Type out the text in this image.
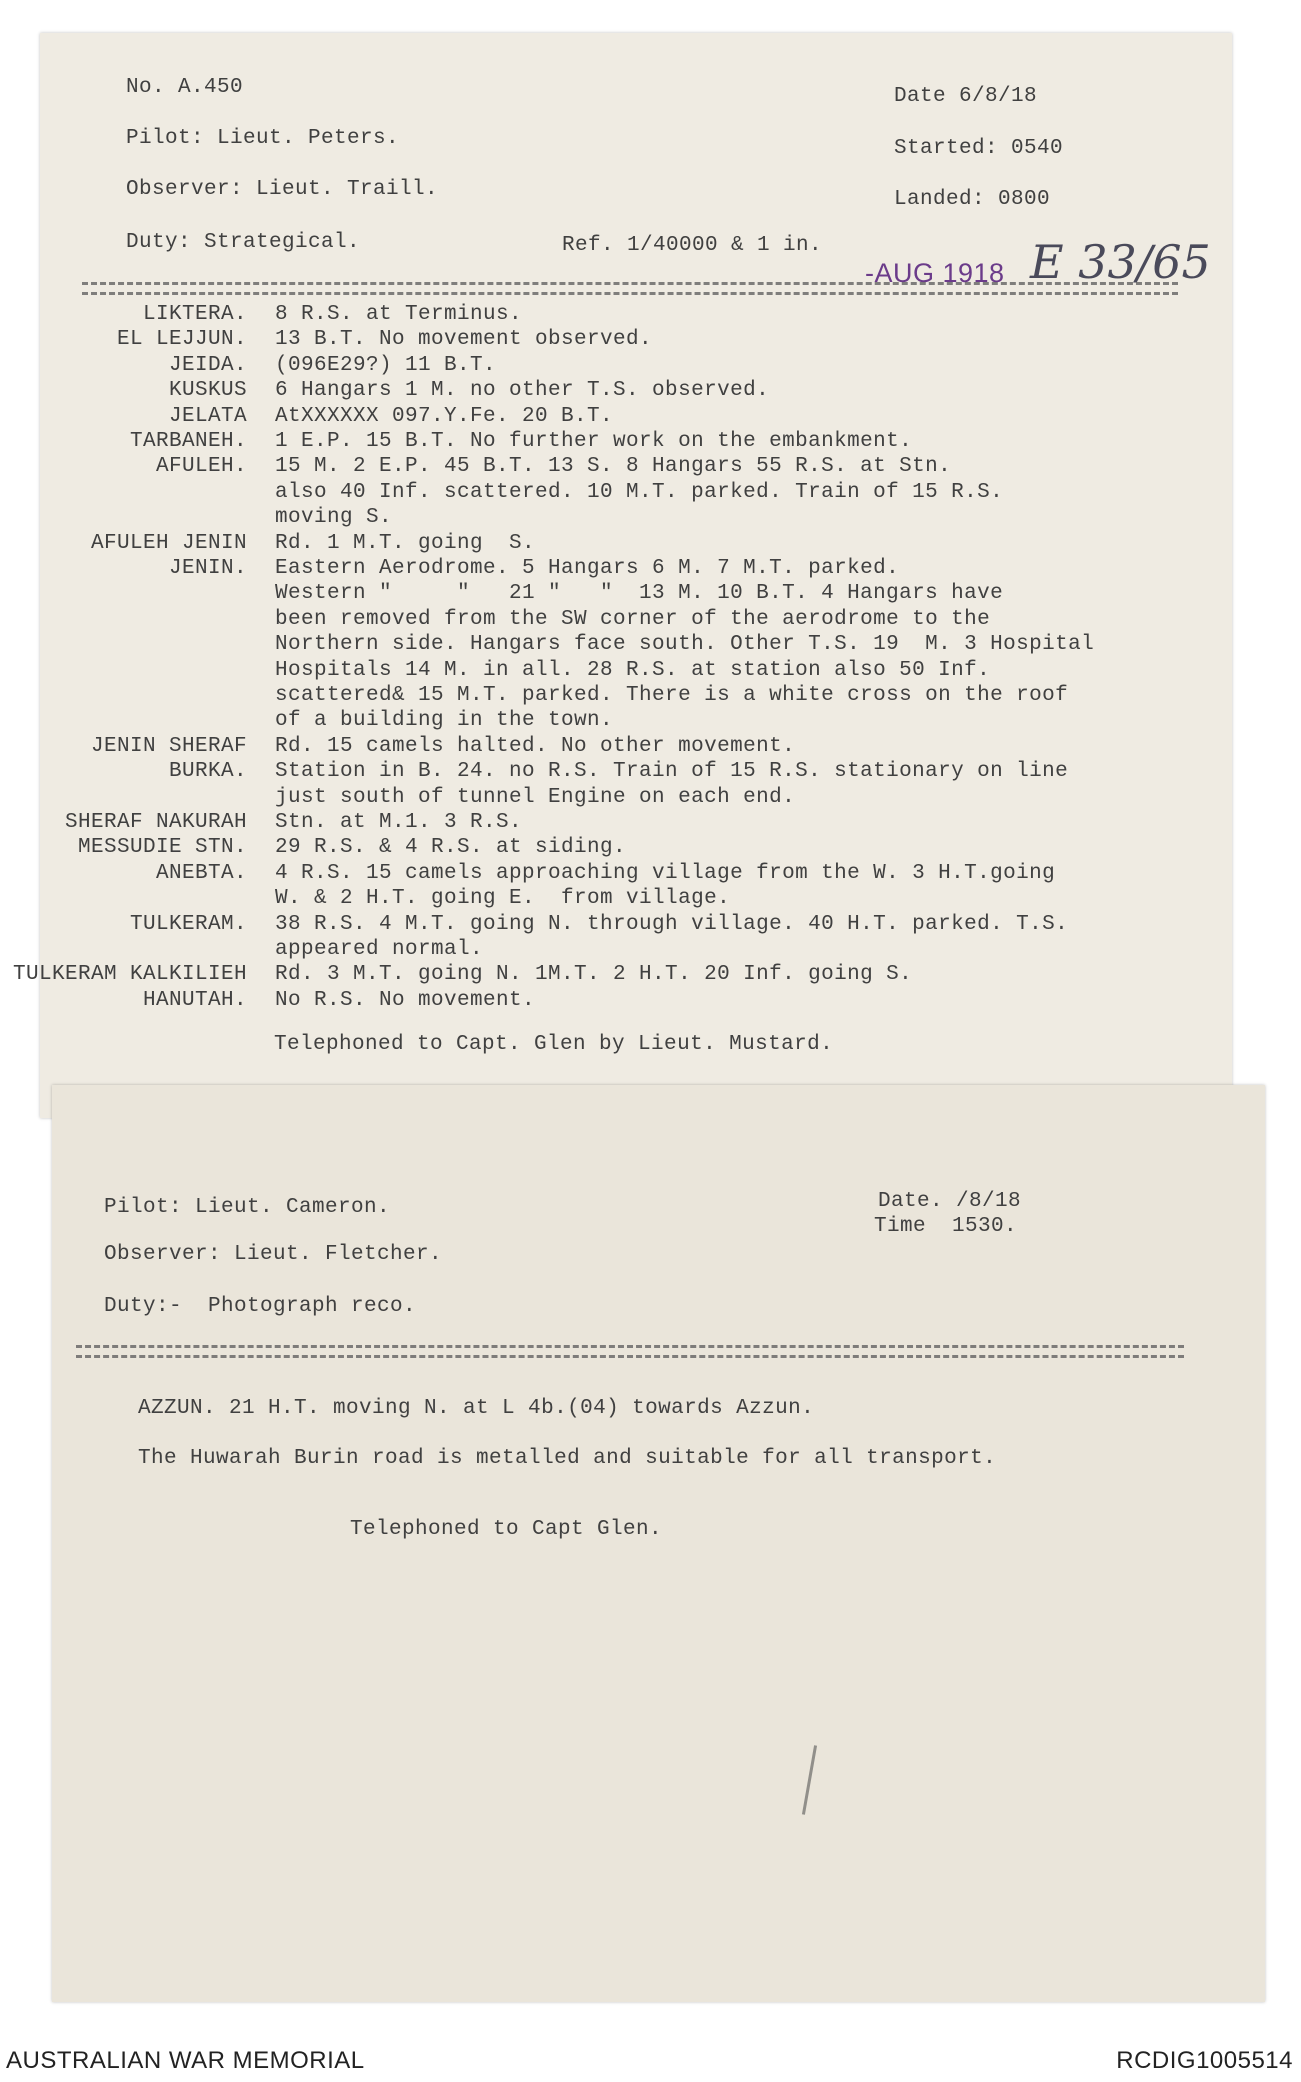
No. A.450
Pilot: Lieut. Peters.
Observer: Lieut. Traill.
Duty: Strategical.	Ref. 1/40000 & 1 in.
Date 6/8/18
Started: 0540
Landed: 0800
-AUG 1918 E 33/65
LIKTERA. 8 R.S. at Terminus.
EL LEJJUN. 13 B.T. No movement observed.
JEIDA. (096E29?) 11 B.T.
KUSKUS 6 Hangars 1 M. no other T.S. observed.
JELATA AtXXXXXX 097.Y.Fe. 20 B.T.
TARBANEH. 1 E.P. 15 B.T. No further work on the embankment.
AFULEH. 15 M. 2 E.P. 45 B.T. 13 S. 8 Hangars 55 R.S. at Stn.
also 40 Inf. scattered. 10 M.T. parked. Train of 15 R.S.
moving S.
AFULEH JENIN Rd. 1 M.T. going  S.
JENIN. Eastern Aerodrome. 5 Hangars 6 M. 7 M.T. parked.
Western "     "   21 "   "  13 M. 10 B.T. 4 Hangars have
been removed from the SW corner of the aerodrome to the
Northern side. Hangars face south. Other T.S. 19  M. 3 Hospital
Hospitals 14 M. in all. 28 R.S. at station also 50 Inf.
scattered& 15 M.T. parked. There is a white cross on the roof
of a building in the town.
JENIN SHERAF Rd. 15 camels halted. No other movement.
BURKA. Station in B. 24. no R.S. Train of 15 R.S. stationary on line
just south of tunnel Engine on each end.
SHERAF NAKURAH Stn. at M.1. 3 R.S.
MESSUDIE STN. 29 R.S. & 4 R.S. at siding.
ANEBTA. 4 R.S. 15 camels approaching village from the W. 3 H.T.going
W. & 2 H.T. going E.  from village.
TULKERAM. 38 R.S. 4 M.T. going N. through village. 40 H.T. parked. T.S.
appeared normal.
TULKERAM KALKILIEH Rd. 3 M.T. going N. 1M.T. 2 H.T. 20 Inf. going S.
HANUTAH. No R.S. No movement.
Telephoned to Capt. Glen by Lieut. Mustard.
Pilot: Lieut. Cameron.
Observer: Lieut. Fletcher.
Duty:-  Photograph reco.
Date. /8/18
Time  1530.
AZZUN. 21 H.T. moving N. at L 4b.(04) towards Azzun.
The Huwarah Burin road is metalled and suitable for all transport.
Telephoned to Capt Glen.
AUSTRALIAN WAR MEMORIAL	RCDIG1005514
